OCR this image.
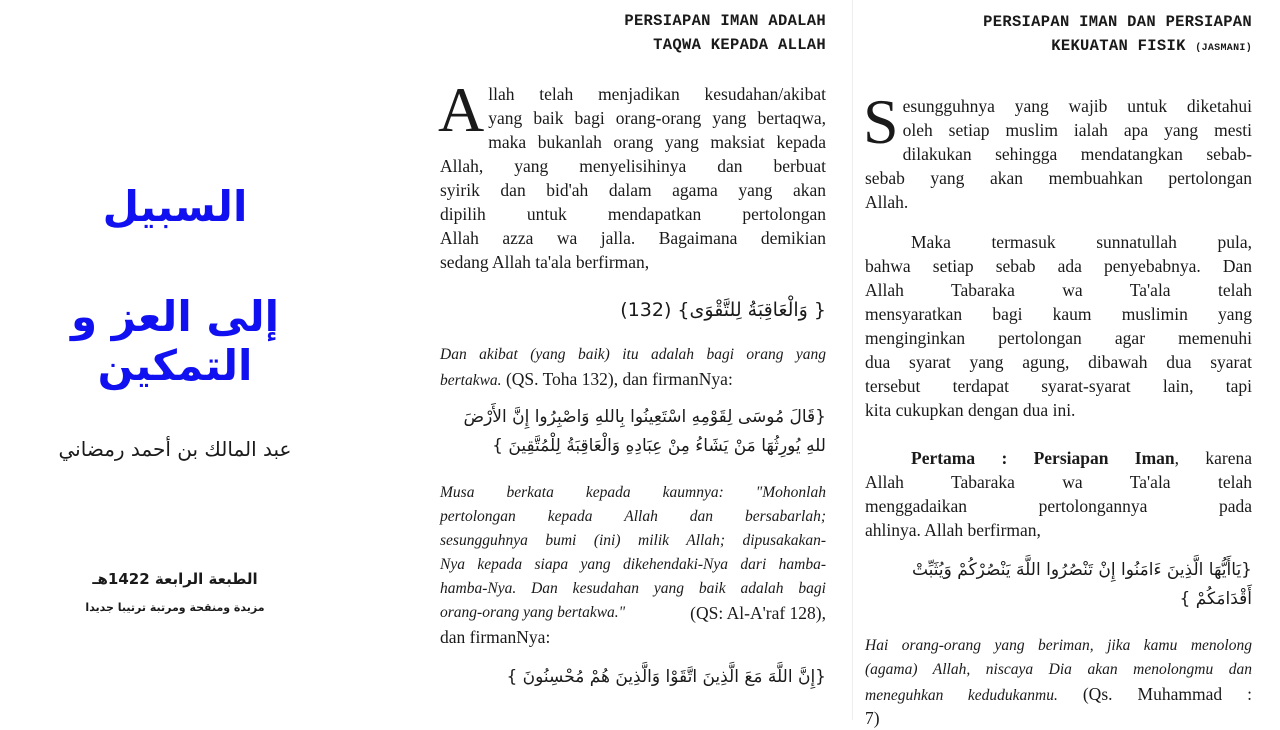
السبيل
إلى العز و التمكين
عبد المالك بن أحمد رمضاني
الطبعة الرابعة 1422هـ
مزيدة ومنقحة ومرتبة ترتيبا جديدا
PERSIAPAN IMAN ADALAH
TAQWA KEPADA ALLAH
A llah telah menjadikan kesudahan/akibat
yang baik bagi orang-orang yang bertaqwa,
maka bukanlah orang yang maksiat kepada
Allah, yang menyelisihinya dan berbuat
syirik dan bid'ah dalam agama yang akan
dipilih untuk mendapatkan pertolongan
Allah azza wa jalla. Bagaimana demikian
sedang Allah ta'ala berfirman,
{ وَالْعَاقِبَةُ لِلتَّقْوَى} (132)
Dan akibat (yang baik) itu adalah bagi orang yang
bertakwa. (QS. Toha 132), dan firmanNya:
{قَالَ مُوسَى لِقَوْمِهِ اسْتَعِينُوا بِاللهِ وَاصْبِرُوا إِنَّ الأَرْضَ للهِ يُورِثُهَا مَنْ يَشَاءُ مِنْ عِبَادِهِ وَالْعَاقِبَةُ لِلْمُتَّقِينَ }
Musa berkata kepada kaumnya: "Mohonlah
pertolongan kepada Allah dan bersabarlah;
sesungguhnya bumi (ini) milik Allah; dipusakakan-
Nya kepada siapa yang dikehendaki-Nya dari hamba-
hamba-Nya. Dan kesudahan yang baik adalah bagi
orang-orang yang bertakwa."	(QS: Al-A'raf 128),
dan firmanNya:
{إِنَّ اللَّهَ مَعَ الَّذِينَ اتَّقَوْا وَالَّذِينَ هُمْ مُحْسِنُونَ }
PERSIAPAN IMAN DAN PERSIAPAN
KEKUATAN FISIK (JASMANI)
S esungguhnya yang wajib untuk diketahui
oleh setiap muslim ialah apa yang mesti
dilakukan sehingga mendatangkan sebab-
sebab yang akan membuahkan pertolongan
Allah.
Maka termasuk sunnatullah pula,
bahwa setiap sebab ada penyebabnya. Dan
Allah Tabaraka wa Ta'ala telah
mensyaratkan bagi kaum muslimin yang
menginginkan pertolongan agar memenuhi
dua syarat yang agung, dibawah dua syarat
tersebut terdapat syarat-syarat lain, tapi
kita cukupkan dengan dua ini.
Pertama : Persiapan Iman, karena
Allah Tabaraka wa Ta'ala telah
menggadaikan pertolongannya pada
ahlinya. Allah berfirman,
{يَاأَيُّهَا الَّذِينَ ءَامَنُوا إِنْ تَنْصُرُوا اللَّهَ يَنْصُرْكُمْ وَيُثَبِّتْ أَقْدَامَكُمْ }
Hai orang-orang yang beriman, jika kamu menolong
(agama) Allah, niscaya Dia akan menolongmu dan
meneguhkan kedudukanmu. (Qs. Muhammad :
7)
